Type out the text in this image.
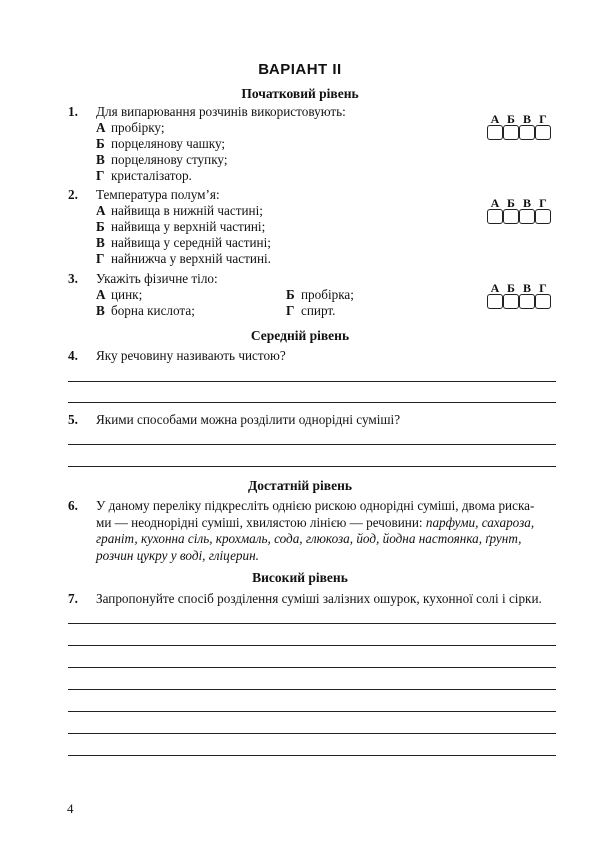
ВАРІАНТ ІІ
Початковий рівень
1.	Для випарювання розчинів використовують:
А пробірку;
Б порцелянову чашку;
В порцелянову ступку;
Г кристалізатор.
А Б В Г
2.	Температура полум’я:
А найвища в нижній частині;
Б найвища у верхній частині;
В найвища у середній частині;
Г найнижча у верхній частині.
А Б В Г
3.	Укажіть фізичне тіло:
А цинк;	Б пробірка;
В борна кислота;	Г спирт.
А Б В Г
Середній рівень
4.	Яку речовину називають чистою?
5.	Якими способами можна розділити однорідні суміші?
Достатній рівень
6.	У даному переліку підкресліть однією рискою однорідні суміші, двома риска-
ми — неоднорідні суміші, хвилястою лінією — речовини: парфуми, сахароза,
граніт, кухонна сіль, крохмаль, сода, глюкоза, йод, йодна настоянка, ґрунт,
розчин цукру у воді, гліцерин.
Високий рівень
7.	Запропонуйте спосіб розділення суміші залізних ошурок, кухонної солі і сірки.
4
